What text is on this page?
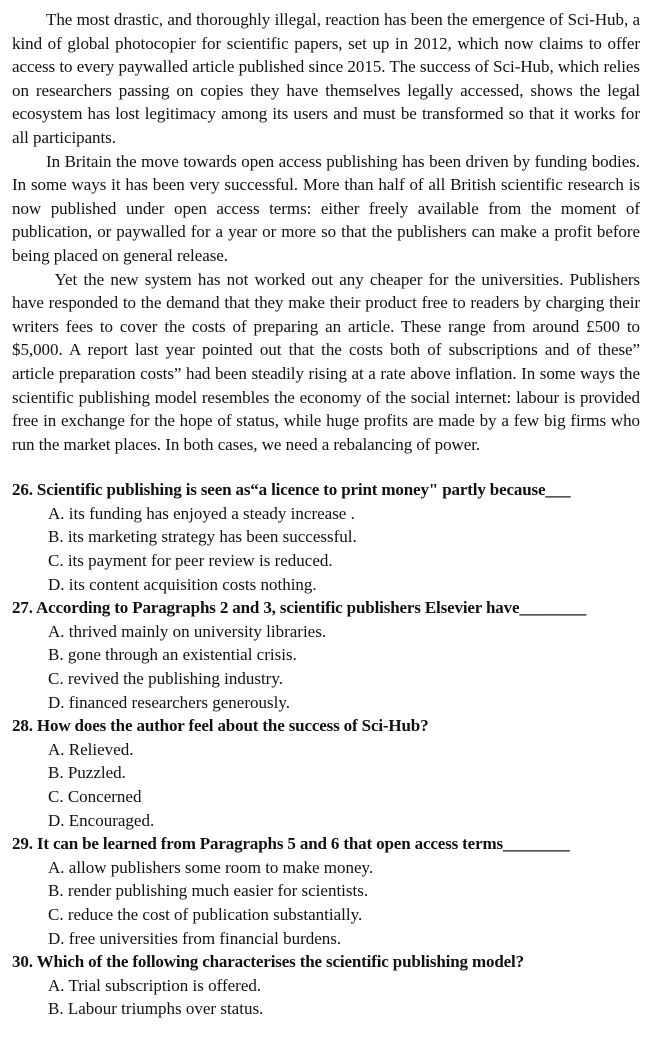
The most drastic, and thoroughly illegal, reaction has been the emergence of Sci-Hub, a kind of global photocopier for scientific papers, set up in 2012, which now claims to offer access to every paywalled article published since 2015. The success of Sci-Hub, which relies on researchers passing on copies they have themselves legally accessed, shows the legal ecosystem has lost legitimacy among its users and must be transformed so that it works for all participants.

In Britain the move towards open access publishing has been driven by funding bodies. In some ways it has been very successful. More than half of all British scientific research is now published under open access terms: either freely available from the moment of publication, or paywalled for a year or more so that the publishers can make a profit before being placed on general release.

Yet the new system has not worked out any cheaper for the universities. Publishers have responded to the demand that they make their product free to readers by charging their writers fees to cover the costs of preparing an article. These range from around £500 to $5,000. A report last year pointed out that the costs both of subscriptions and of these” article preparation costs” had been steadily rising at a rate above inflation. In some ways the scientific publishing model resembles the economy of the social internet: labour is provided free in exchange for the hope of status, while huge profits are made by a few big firms who run the market places. In both cases, we need a rebalancing of power.

26. Scientific publishing is seen as“a licence to print money" partly because___
A. its funding has enjoyed a steady increase .
B. its marketing strategy has been successful.
C. its payment for peer review is reduced.
D. its content acquisition costs nothing.
27. According to Paragraphs 2 and 3, scientific publishers Elsevier have________
A. thrived mainly on university libraries.
B. gone through an existential crisis.
C. revived the publishing industry.
D. financed researchers generously.
28. How does the author feel about the success of Sci-Hub?
A. Relieved.
B. Puzzled.
C. Concerned
D. Encouraged.
29. It can be learned from Paragraphs 5 and 6 that open access terms________
A. allow publishers some room to make money.
B. render publishing much easier for scientists.
C. reduce the cost of publication substantially.
D. free universities from financial burdens.
30. Which of the following characterises the scientific publishing model?
A. Trial subscription is offered.
B. Labour triumphs over status.
